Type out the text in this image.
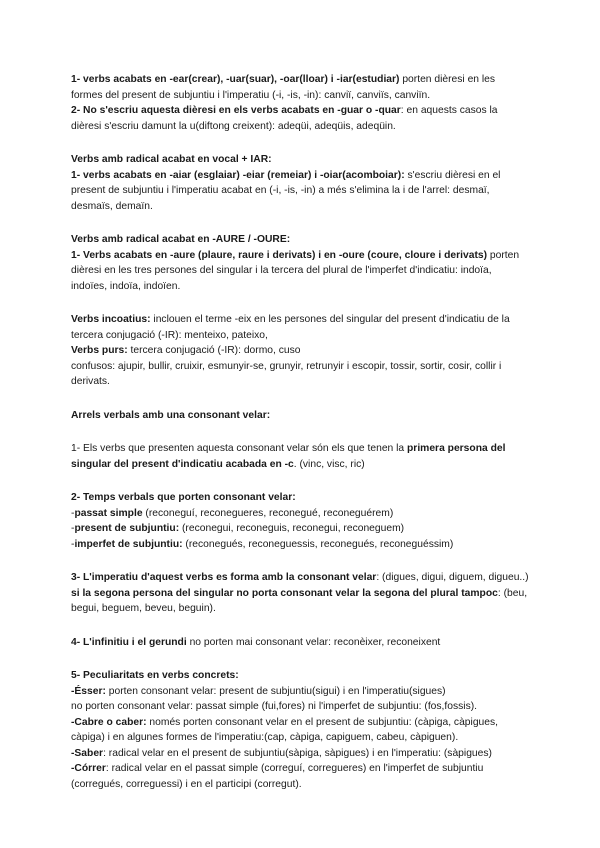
1- verbs acabats en -ear(crear), -uar(suar), -oar(lloar) i -iar(estudiar) porten dièresi en les formes del present de subjuntiu i l'imperatiu (-i, -is, -in): canviï, canviïs, canviïn.

2- No s'escriu aquesta dièresi en els verbs acabats en -guar o -quar: en aquests casos la dièresi s'escriu damunt la u(diftong creixent): adeqüi, adeqüis, adeqüin.

Verbs amb radical acabat en vocal + IAR:

1- verbs acabats en -aiar (esglaiar) -eiar (remeiar) i -oiar(acomboiar): s'escriu dièresi en el present de subjuntiu i l'imperatiu acabat en (-i, -is, -in) a més s'elimina la i de l'arrel: desmaï, desmaïs, demaïn.

Verbs amb radical acabat en -AURE / -OURE:

1- Verbs acabats en -aure (plaure, raure i derivats) i en -oure (coure, cloure i derivats) porten dièresi en les tres persones del singular i la tercera del plural de l'imperfet d'indicatiu: indoïa, indoïes, indoïa, indoïen.

Verbs incoatius: inclouen el terme -eix en les persones del singular del present d'indicatiu de la tercera conjugació (-IR): menteixo, pateixo,

Verbs purs: tercera conjugació (-IR): dormo, cuso

confusos: ajupir, bullir, cruixir, esmunyir-se, grunyir, retrunyir i escopir, tossir, sortir, cosir, collir i derivats.

Arrels verbals amb una consonant velar:

1- Els verbs que presenten aquesta consonant velar són els que tenen la primera persona del singular del present d'indicatiu acabada en -c. (vinc, visc, ric)

2- Temps verbals que porten consonant velar:

-passat simple (reconeguí, reconegueres, reconegué, reconeguérem)

-present de subjuntiu: (reconegui, reconeguis, reconegui, reconeguem)

-imperfet de subjuntiu: (reconegués, reconeguessis, reconegués, reconeguéssim)

3- L'imperatiu d'aquest verbs es forma amb la consonant velar: (digues, digui, diguem, digueu..) si la segona persona del singular no porta consonant velar la segona del plural tampoc: (beu, begui, beguem, beveu, beguin).

4- L'infinitiu i el gerundi no porten mai consonant velar: reconèixer, reconeixent

5- Peculiaritats en verbs concrets:

-Ésser: porten consonant velar: present de subjuntiu(sigui) i en l'imperatiu(sigues)

no porten consonant velar: passat simple (fui,fores) ni l'imperfet de subjuntiu: (fos,fossis).

-Cabre o caber: només porten consonant velar en el present de subjuntiu: (càpiga, càpigues, càpiga) i en algunes formes de l'imperatiu:(cap, càpiga, capiguem, cabeu, càpiguen).

-Saber: radical velar en el present de subjuntiu(sàpiga, sàpigues) i en l'imperatiu: (sàpigues)

-Córrer: radical velar en el passat simple (correguí, corregueres) en l'imperfet de subjuntiu (corregués, correguessi) i en el participi (corregut).
